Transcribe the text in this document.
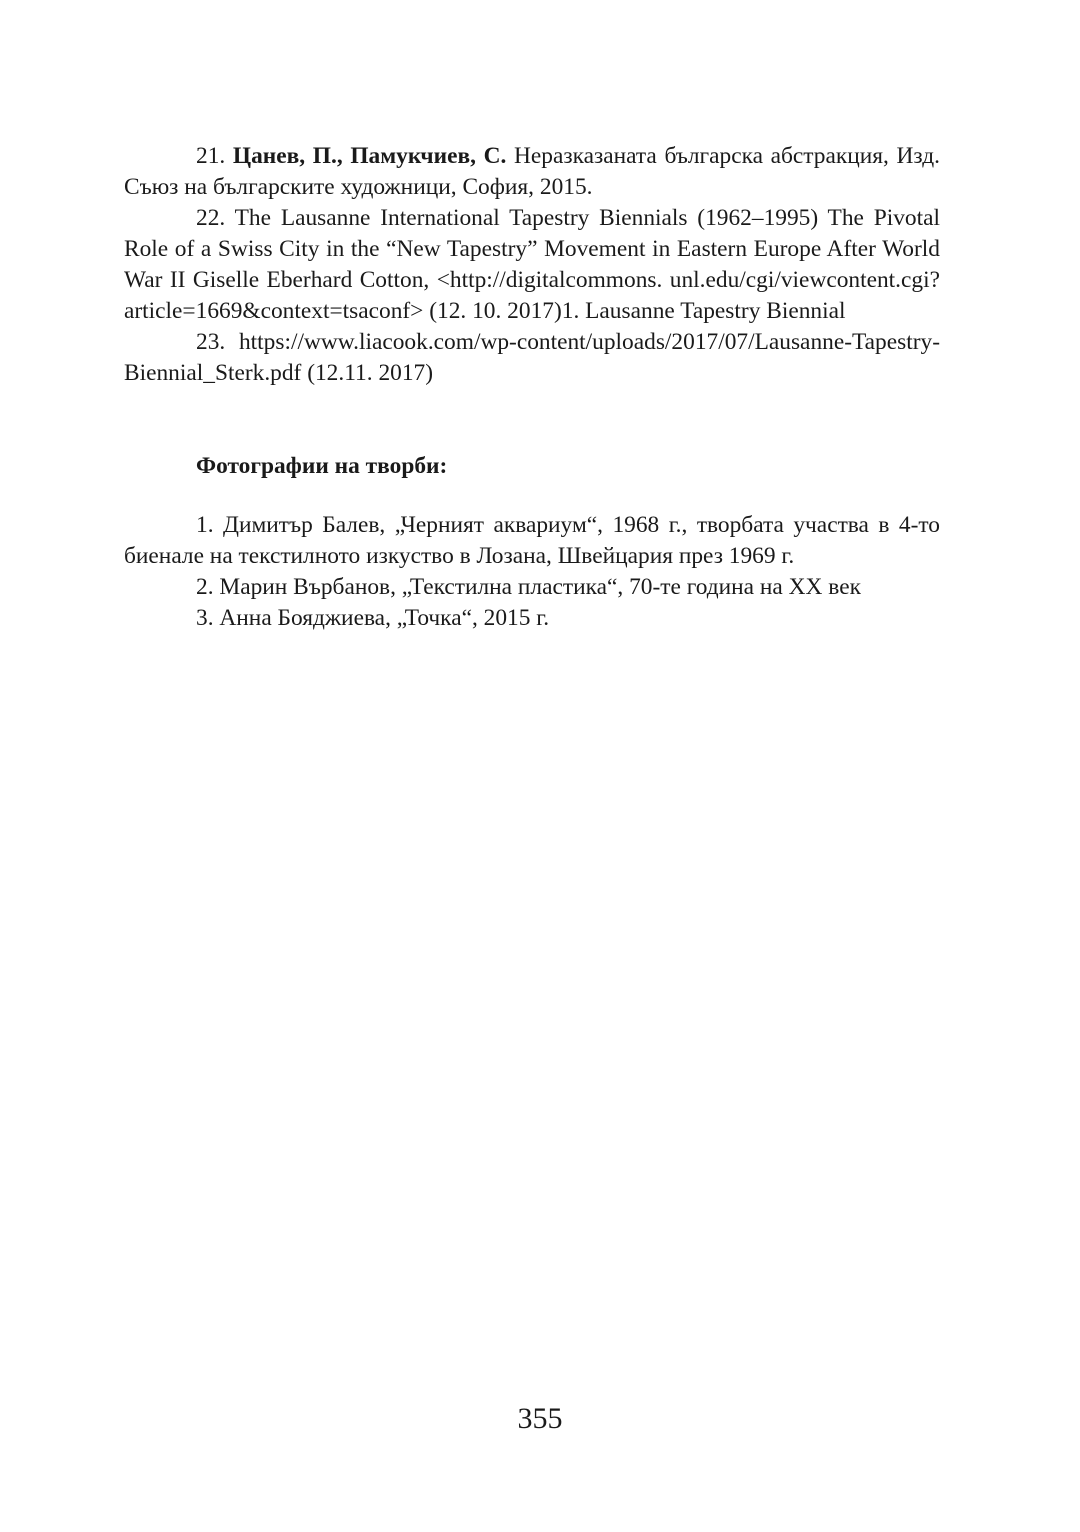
21. Цанев, П., Памукчиев, С. Неразказаната българска абстракция, Изд. Съюз на българските художници, София, 2015.

22. The Lausanne International Tapestry Biennials (1962–1995) The Pivotal Role of a Swiss City in the “New Tapestry” Movement in Eastern Europe After World War II Giselle Eberhard Cotton, <http://digitalcommons. unl.edu/cgi/viewcontent.cgi?article=1669&context=tsaconf> (12. 10. 2017)1. Lausanne Tapestry Biennial

23. https://www.liacook.com/wp-content/uploads/2017/07/Lausanne-Tapestry-Biennial_Sterk.pdf (12.11. 2017)

Фотографии на творби:

1. Димитър Балев, „Черният аквариум“, 1968 г., творбата участва в 4-то биенале на текстилното изкуство в Лозана, Швейцария през 1969 г.

2. Марин Върбанов, „Текстилна пластика“, 70-те година на ХХ век

3. Анна Бояджиева, „Точка“, 2015 г.

355
